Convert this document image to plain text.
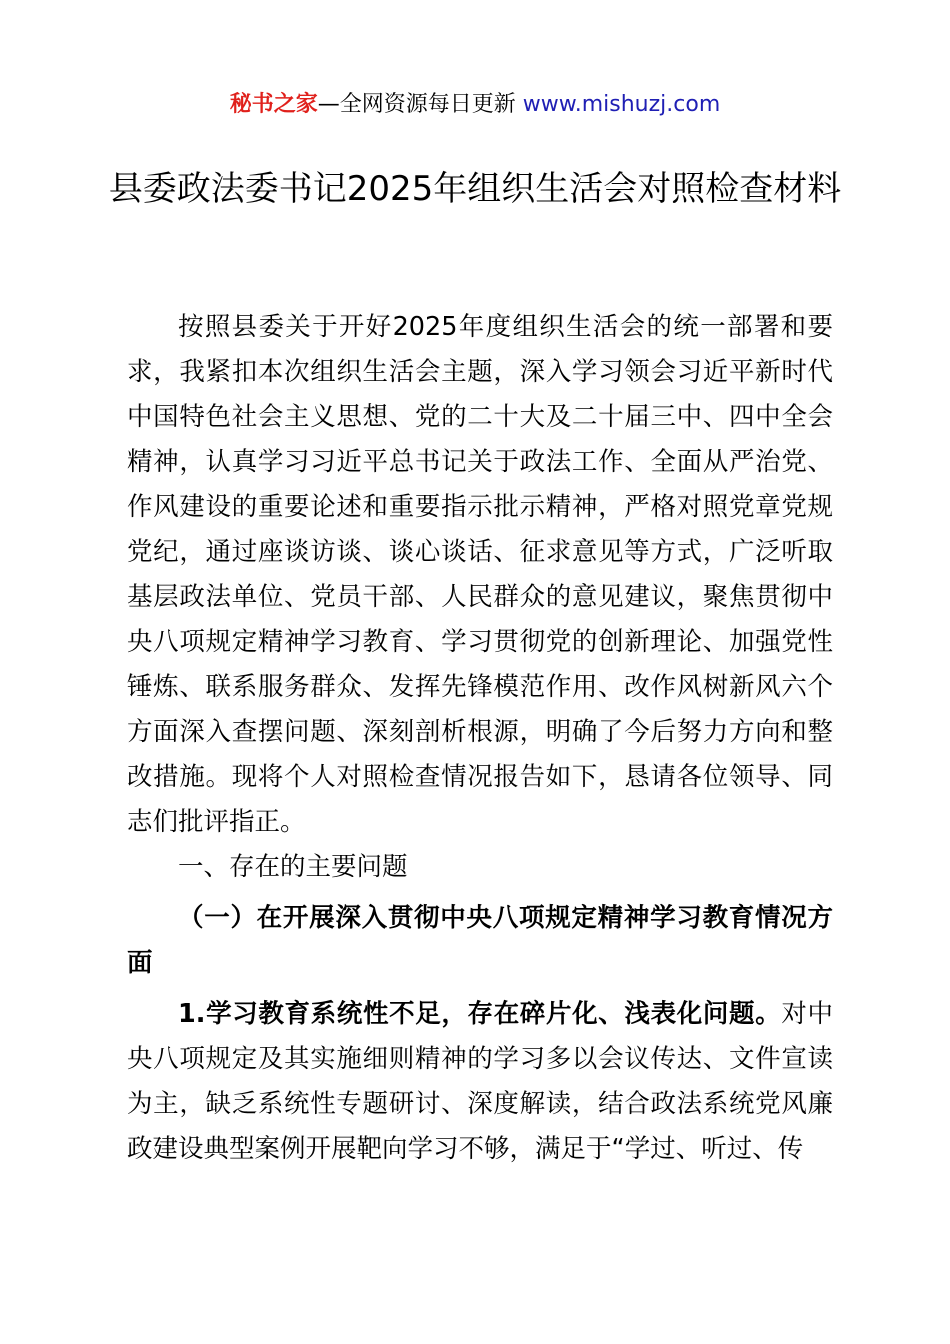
秘书之家—全网资源每日更新 www.mishuzj.com
县委政法委书记2025年组织生活会对照检查材料

按照县委关于开好2025年度组织生活会的统一部署和要求，我紧扣本次组织生活会主题，深入学习领会习近平新时代中国特色社会主义思想、党的二十大及二十届三中、四中全会精神，认真学习习近平总书记关于政法工作、全面从严治党、作风建设的重要论述和重要指示批示精神，严格对照党章党规党纪，通过座谈访谈、谈心谈话、征求意见等方式，广泛听取基层政法单位、党员干部、人民群众的意见建议，聚焦贯彻中央八项规定精神学习教育、学习贯彻党的创新理论、加强党性锤炼、联系服务群众、发挥先锋模范作用、改作风树新风六个方面深入查摆问题、深刻剖析根源，明确了今后努力方向和整改措施。现将个人对照检查情况报告如下，恳请各位领导、同志们批评指正。

一、存在的主要问题

（一）在开展深入贯彻中央八项规定精神学习教育情况方面

1.学习教育系统性不足，存在碎片化、浅表化问题。对中央八项规定及其实施细则精神的学习多以会议传达、文件宣读为主，缺乏系统性专题研讨、深度解读，结合政法系统党风廉政建设典型案例开展靶向学习不够，满足于“学过、听过、传
